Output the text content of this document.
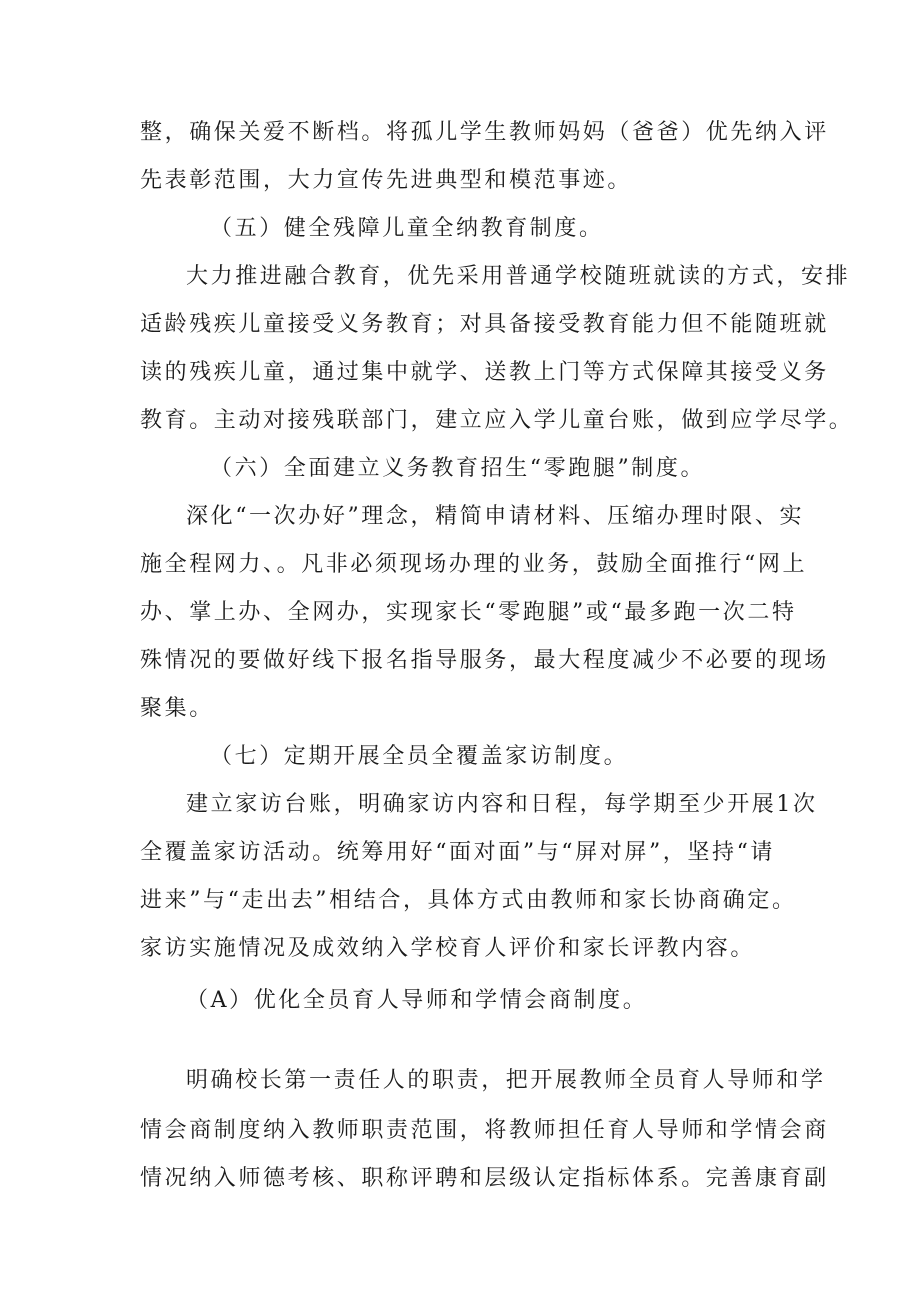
整，确保关爱不断档。将孤儿学生教师妈妈（爸爸）优先纳入评
先表彰范围，大力宣传先进典型和模范事迹。
（五）健全残障儿童全纳教育制度。
大力推进融合教育，优先采用普通学校随班就读的方式，安排
适龄残疾儿童接受义务教育；对具备接受教育能力但不能随班就
读的残疾儿童，通过集中就学、送教上门等方式保障其接受义务
教育。主动对接残联部门，建立应入学儿童台账，做到应学尽学。
（六）全面建立义务教育招生“零跑腿”制度。
深化“一次办好”理念，精简申请材料、压缩办理时限、实
施全程网力、。凡非必须现场办理的业务，鼓励全面推行“网上
办、掌上办、全网办，实现家长“零跑腿”或“最多跑一次二特
殊情况的要做好线下报名指导服务，最大程度减少不必要的现场
聚集。
（七）定期开展全员全覆盖家访制度。
建立家访台账，明确家访内容和日程，每学期至少开展1次
全覆盖家访活动。统筹用好“面对面”与“屏对屏”，坚持“请
进来”与“走出去”相结合，具体方式由教师和家长协商确定。
家访实施情况及成效纳入学校育人评价和家长评教内容。
（A）优化全员育人导师和学情会商制度。
明确校长第一责任人的职责，把开展教师全员育人导师和学
情会商制度纳入教师职责范围，将教师担任育人导师和学情会商
情况纳入师德考核、职称评聘和层级认定指标体系。完善康育副
